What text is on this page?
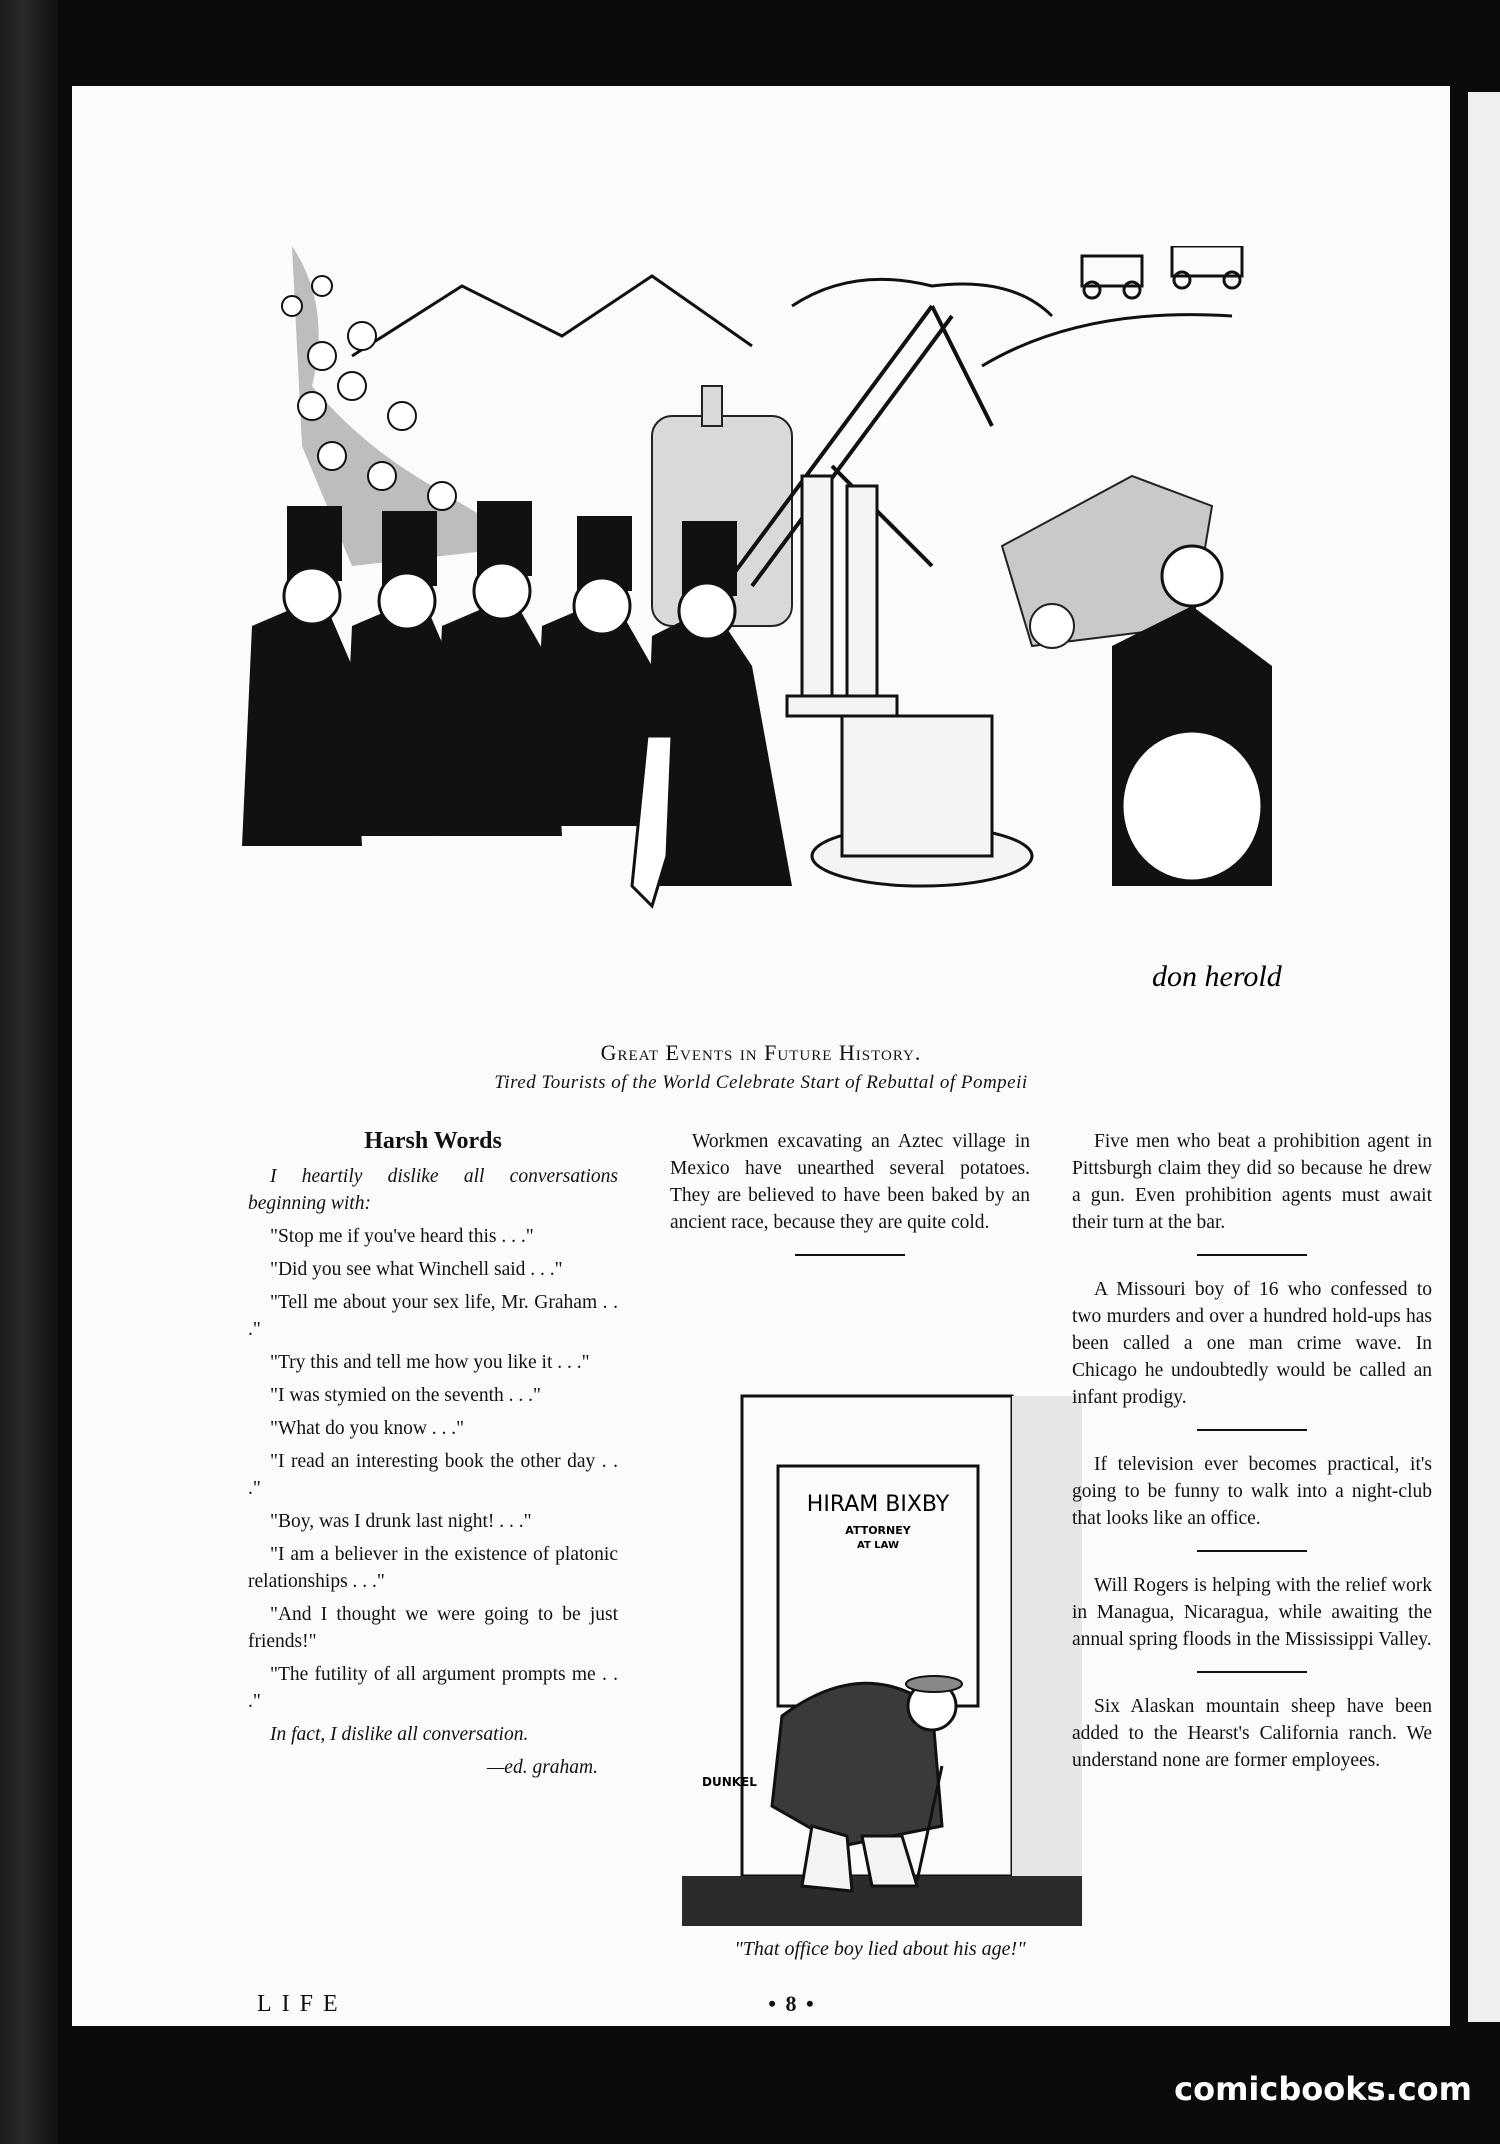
don herold
Great Events in Future History.
Tired Tourists of the World Celebrate Start of Rebuttal of Pompeii
Harsh Words

I heartily dislike all conversations beginning with:

"Stop me if you've heard this . . ."

"Did you see what Winchell said . . ."

"Tell me about your sex life, Mr. Graham . . ."

"Try this and tell me how you like it . . ."

"I was stymied on the seventh . . ."

"What do you know . . ."

"I read an interesting book the other day . . ."

"Boy, was I drunk last night! . . ."

"I am a believer in the existence of platonic relationships . . ."

"And I thought we were going to be just friends!"

"The futility of all argument prompts me . . ."

In fact, I dislike all conversation.

—ed. graham.

Workmen excavating an Aztec village in Mexico have unearthed several potatoes. They are believed to have been baked by an ancient race, because they are quite cold.

HIRAM BIXBY
ATTORNEY
AT LAW
DUNKEL
"That office boy lied about his age!"

Five men who beat a prohibition agent in Pittsburgh claim they did so because he drew a gun. Even prohibition agents must await their turn at the bar.

A Missouri boy of 16 who confessed to two murders and over a hundred hold-ups has been called a one man crime wave. In Chicago he undoubtedly would be called an infant prodigy.

If television ever becomes practical, it's going to be funny to walk into a night-club that looks like an office.

Will Rogers is helping with the relief work in Managua, Nicaragua, while awaiting the annual spring floods in the Mississippi Valley.

Six Alaskan mountain sheep have been added to the Hearst's California ranch. We understand none are former employees.

LIFE	• 8 •
comicbooks.com
